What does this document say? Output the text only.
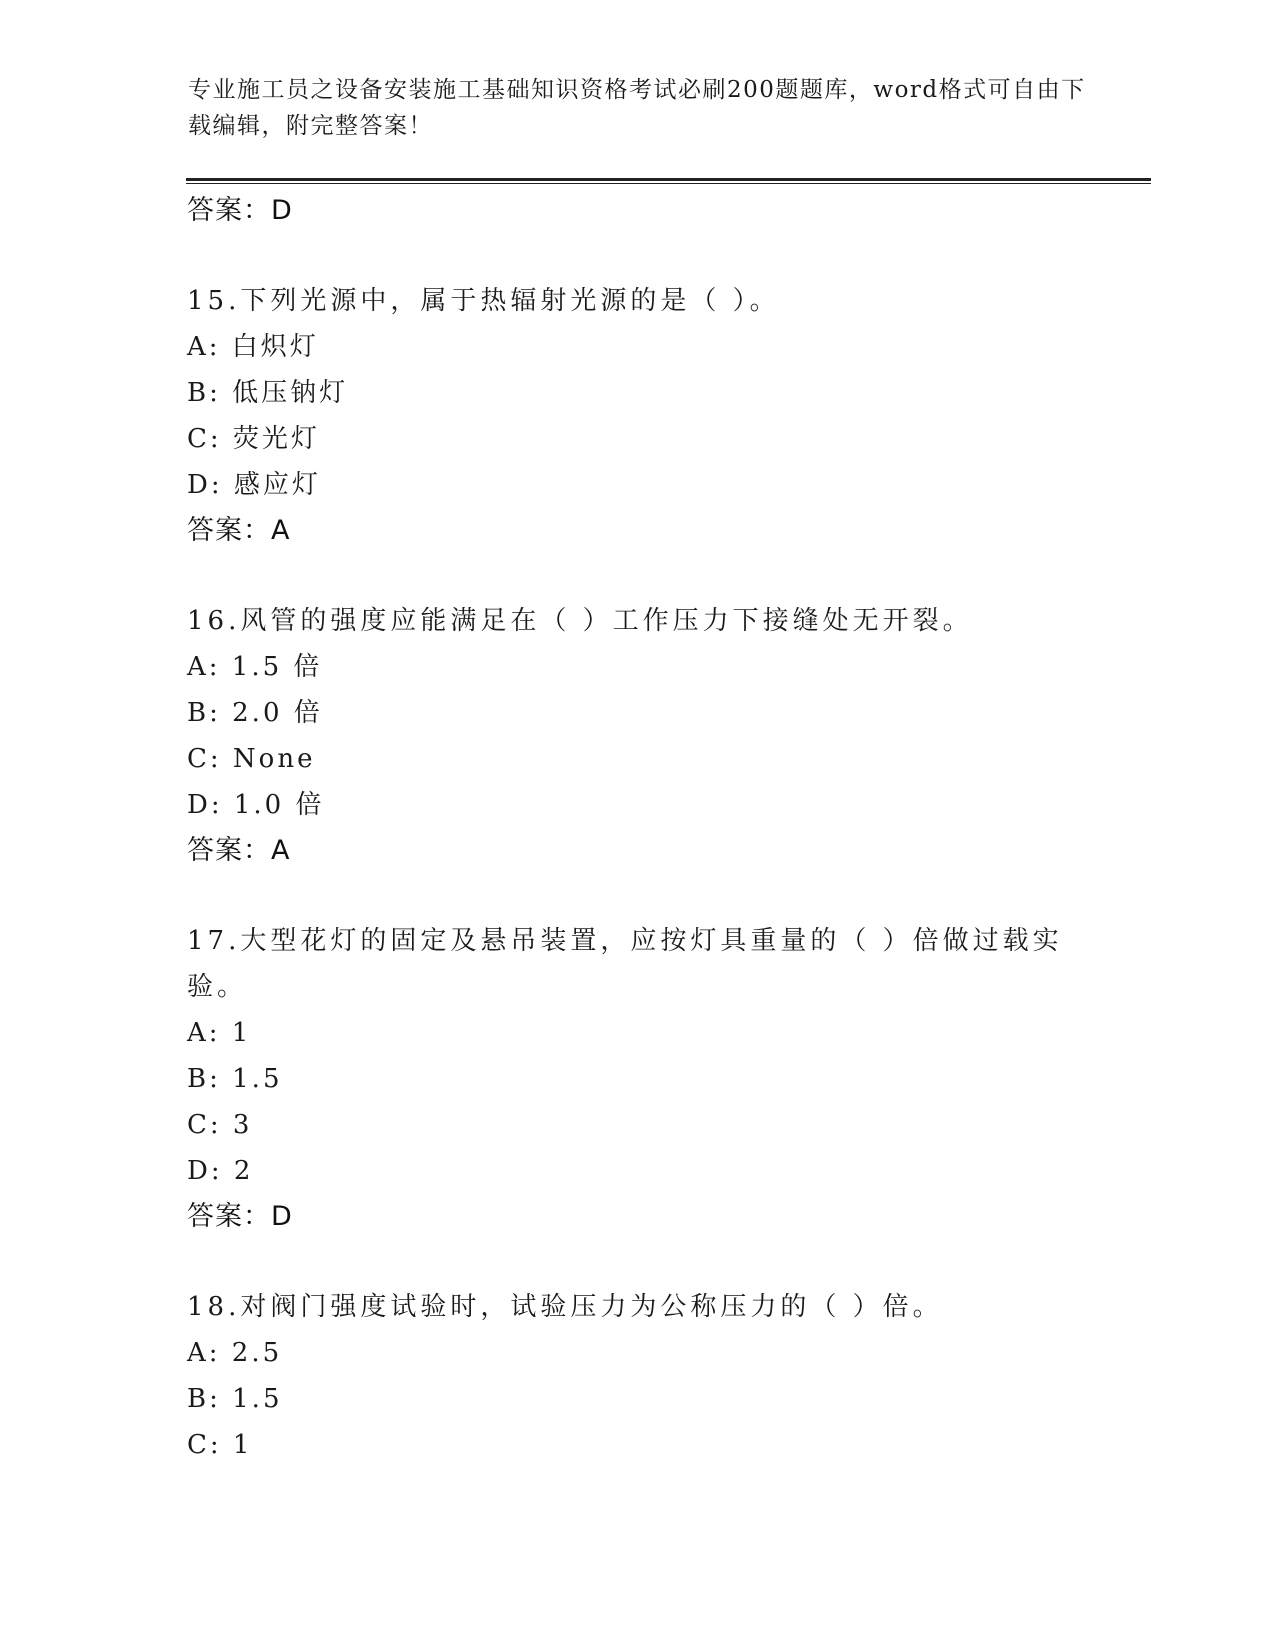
专业施工员之设备安装施工基础知识资格考试必刷200题题库，word格式可自由下载编辑，附完整答案！
答案：D
15.下列光源中，属于热辐射光源的是（ ）。
A: 白炽灯
B: 低压钠灯
C: 荧光灯
D: 感应灯
答案：A
16.风管的强度应能满足在（ ）工作压力下接缝处无开裂。
A: 1.5 倍
B: 2.0 倍
C: None
D: 1.0 倍
答案：A
17.大型花灯的固定及悬吊装置，应按灯具重量的（ ）倍做过载实验。
A: 1
B: 1.5
C: 3
D: 2
答案：D
18.对阀门强度试验时，试验压力为公称压力的（ ）倍。
A: 2.5
B: 1.5
C: 1
